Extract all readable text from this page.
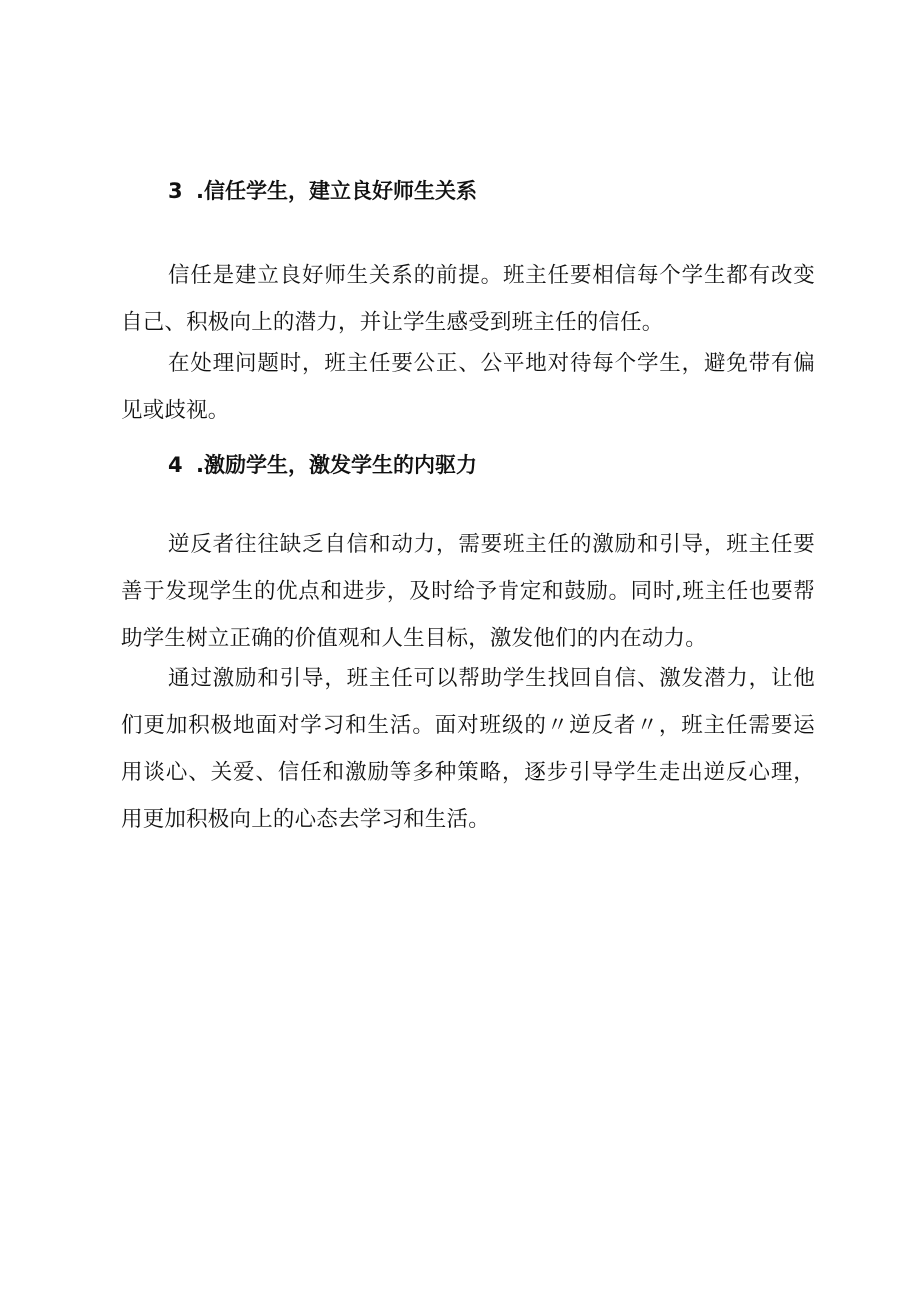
3 .信任学生，建立良好师生关系

信任是建立良好师生关系的前提。班主任要相信每个学生都有改变自己、积极向上的潜力，并让学生感受到班主任的信任。

在处理问题时，班主任要公正、公平地对待每个学生，避免带有偏见或歧视。

4 .激励学生，激发学生的内驱力

逆反者往往缺乏自信和动力，需要班主任的激励和引导，班主任要善于发现学生的优点和进步，及时给予肯定和鼓励。同时,班主任也要帮助学生树立正确的价值观和人生目标，激发他们的内在动力。

通过激励和引导，班主任可以帮助学生找回自信、激发潜力，让他们更加积极地面对学习和生活。面对班级的〃逆反者〃，班主任需要运用谈心、关爱、信任和激励等多种策略，逐步引导学生走出逆反心理，用更加积极向上的心态去学习和生活。
